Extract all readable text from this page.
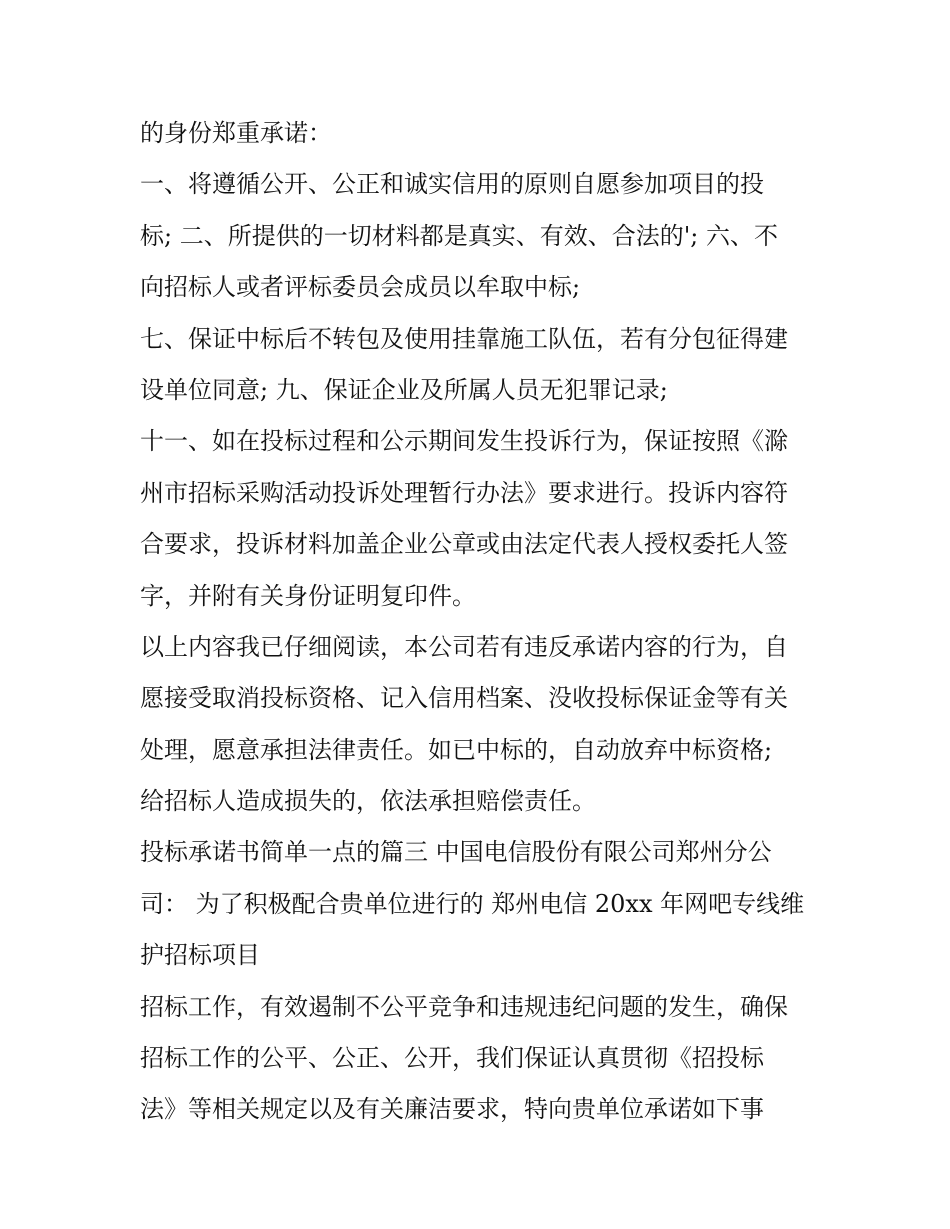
的身份郑重承诺：
一、将遵循公开、公正和诚实信用的原则自愿参加项目的投
标; 二、所提供的一切材料都是真实、有效、合法的'; 六、不
向招标人或者评标委员会成员以牟取中标;
七、保证中标后不转包及使用挂靠施工队伍，若有分包征得建
设单位同意; 九、保证企业及所属人员无犯罪记录;
十一、如在投标过程和公示期间发生投诉行为，保证按照《滁
州市招标采购活动投诉处理暂行办法》要求进行。投诉内容符
合要求，投诉材料加盖企业公章或由法定代表人授权委托人签
字，并附有关身份证明复印件。
以上内容我已仔细阅读，本公司若有违反承诺内容的行为，自
愿接受取消投标资格、记入信用档案、没收投标保证金等有关
处理，愿意承担法律责任。如已中标的，自动放弃中标资格;
给招标人造成损失的，依法承担赔偿责任。
投标承诺书简单一点的篇三 中国电信股份有限公司郑州分公
司： 为了积极配合贵单位进行的 郑州电信 20xx 年网吧专线维
护招标项目
招标工作，有效遏制不公平竞争和违规违纪问题的发生，确保
招标工作的公平、公正、公开，我们保证认真贯彻《招投标
法》等相关规定以及有关廉洁要求，特向贵单位承诺如下事
